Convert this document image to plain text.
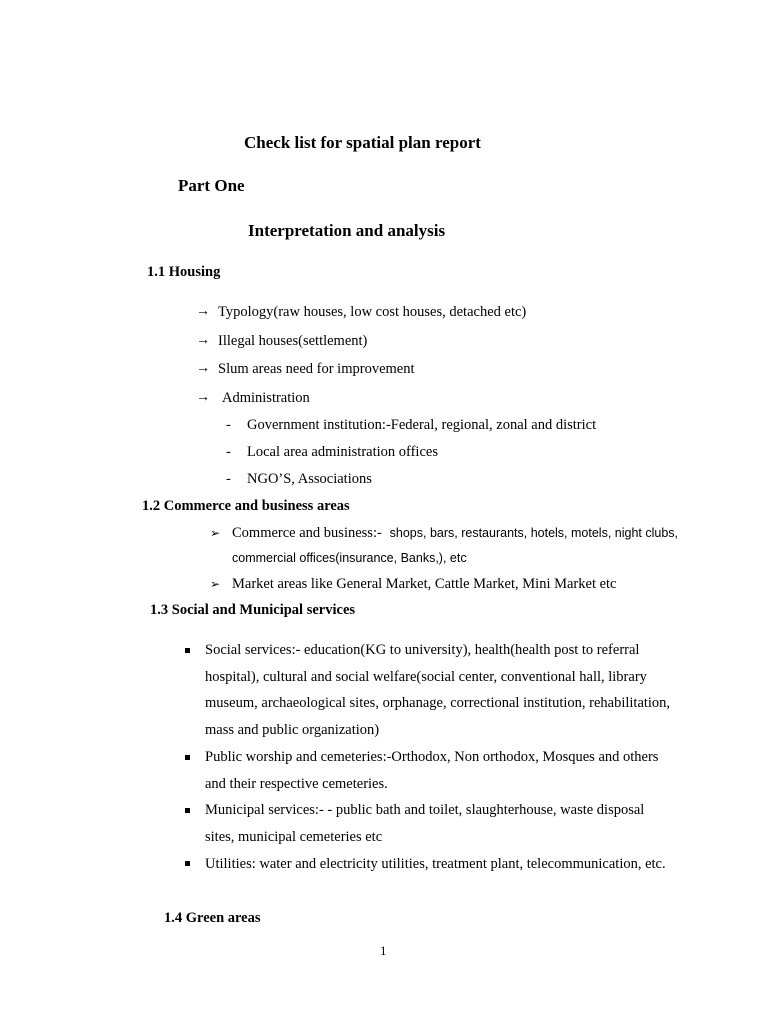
Check list for spatial plan report
Part One
Interpretation and analysis
1.1 Housing
→ Typology(raw houses, low cost houses, detached etc)
→ Illegal houses(settlement)
→ Slum areas need for improvement
→ Administration
- Government institution:-Federal, regional, zonal and district
- Local area administration offices
- NGO’S, Associations
1.2 Commerce and business areas
➢ Commerce and business:- shops, bars, restaurants, hotels, motels, night clubs,
commercial offices(insurance, Banks,), etc
➢ Market areas like General Market, Cattle Market, Mini Market etc
1.3 Social and Municipal services
Social services:- education(KG to university), health(health post to referral hospital), cultural and social welfare(social center, conventional hall, library museum, archaeological sites, orphanage, correctional institution, rehabilitation, mass and public organization)
Public worship and cemeteries:-Orthodox, Non orthodox, Mosques and others and their respective cemeteries.
Municipal services:- - public bath and toilet, slaughterhouse, waste disposal sites, municipal cemeteries etc
Utilities: water and electricity utilities, treatment plant, telecommunication, etc.
1.4 Green areas
1
